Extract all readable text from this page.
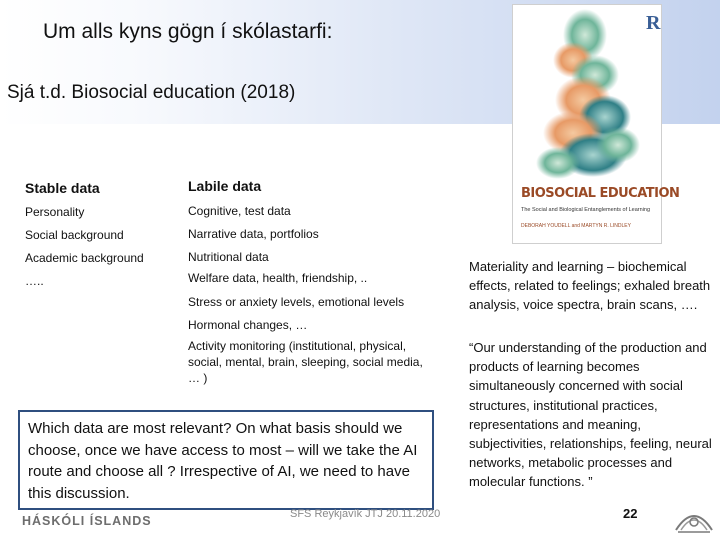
Um alls kyns gögn í skólastarfi:
Sjá t.d. Biosocial education (2018)
BIOSOCIAL EDUCATION
The Social and Biological Entanglements of Learning
DEBORAH YOUDELL and MARTYN R. LINDLEY
R
Stable data
Personality
Social background
Academic background
…..
Labile data
Cognitive, test data
Narrative data, portfolios
Nutritional data
Welfare data, health, friendship, ..
Stress or anxiety levels, emotional levels
Hormonal changes, …
Activity monitoring (institutional, physical, social, mental, brain, sleeping, social media, … )
Materiality and learning – biochemical effects, related to feelings; exhaled breath analysis, voice spectra, brain scans, ….
“Our understanding of the production and products of learning becomes simultaneously concerned with social structures, institutional practices, representations and meaning, subjectivities, relationships, feeling, neural networks, metabolic processes and molecular functions. ”
Which data are most relevant? On what basis should we choose, once we have access to most – will we take the AI route and choose all ? Irrespective of AI, we need to have this discussion.
HÁSKÓLI ÍSLANDS	SFS Reykjavík JTJ 20.11.2020	22
